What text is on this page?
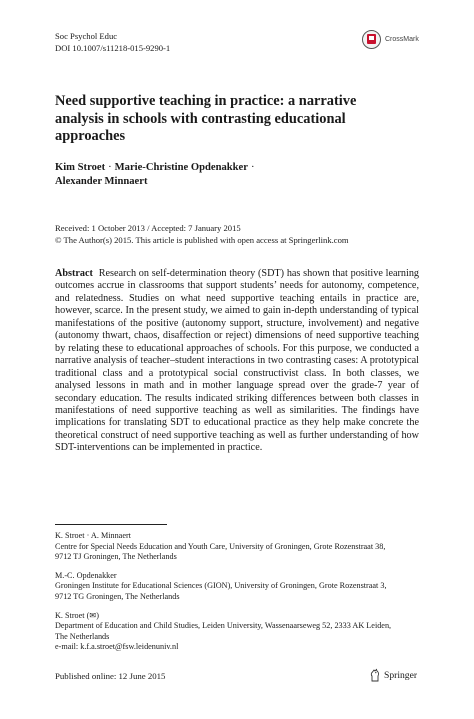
Soc Psychol Educ
DOI 10.1007/s11218-015-9290-1
CrossMark
Need supportive teaching in practice: a narrative analysis in schools with contrasting educational approaches
Kim Stroet · Marie-Christine Opdenakker ·
Alexander Minnaert
Received: 1 October 2013 / Accepted: 7 January 2015
© The Author(s) 2015. This article is published with open access at Springerlink.com
Abstract Research on self-determination theory (SDT) has shown that positive learning outcomes accrue in classrooms that support students’ needs for autonomy, competence, and relatedness. Studies on what need supportive teaching entails in practice are, however, scarce. In the present study, we aimed to gain in-depth understanding of typical manifestations of the positive (autonomy support, structure, involvement) and negative (autonomy thwart, chaos, disaffection or reject) dimensions of need supportive teaching by relating these to educational approaches of schools. For this purpose, we conducted a narrative analysis of teacher–student interactions in two contrasting cases: A prototypical traditional class and a prototypical social constructivist class. In both classes, we analysed lessons in math and in mother language spread over the grade-7 year of secondary education. The results indicated striking differences between both classes in manifestations of need supportive teaching as well as similarities. The findings have implications for translating SDT to educational practice as they help make concrete the theoretical construct of need supportive teaching as well as further understanding of how SDT-interventions can be implemented in practice.
K. Stroet · A. Minnaert
Centre for Special Needs Education and Youth Care, University of Groningen, Grote Rozenstraat 38,
9712 TJ Groningen, The Netherlands
M.-C. Opdenakker
Groningen Institute for Educational Sciences (GION), University of Groningen, Grote Rozenstraat 3,
9712 TG Groningen, The Netherlands
K. Stroet (✉)
Department of Education and Child Studies, Leiden University, Wassenaarseweg 52, 2333 AK Leiden,
The Netherlands
e-mail: k.f.a.stroet@fsw.leidenuniv.nl
Published online: 12 June 2015	Springer
